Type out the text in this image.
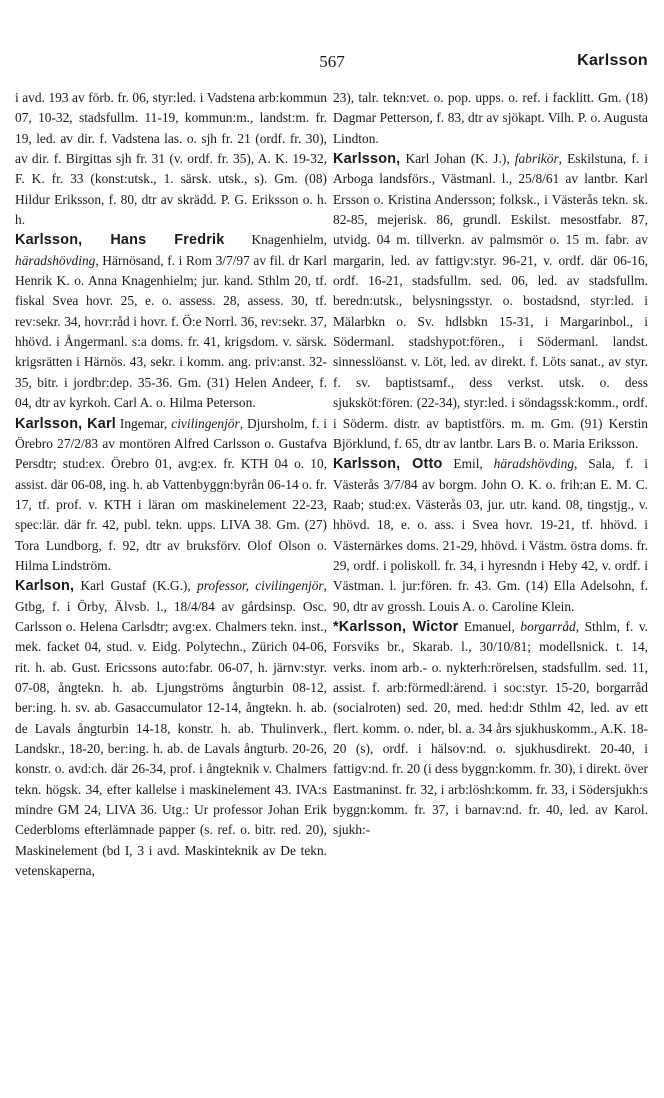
567	Karlsson

i avd. 193 av förb. fr. 06, styr:led. i Vadstena arb:kommun 07, 10-32, stadsfullm. 11-19, kommun:m., landst:m. fr. 19, led. av dir. f. Vadstena las. o. sjh fr. 21 (ordf. fr. 30), av dir. f. Birgittas sjh fr. 31 (v. ordf. fr. 35), A. K. 19-32, F. K. fr. 33 (konst:utsk., 1. särsk. utsk., s). Gm. (08) Hildur Eriksson, f. 80, dtr av skrädd. P. G. Eriksson o. h. h.

Karlsson, Hans Fredrik Knagenhielm, häradshövding, Härnösand, f. i Rom 3/7/97 av fil. dr Karl Henrik K. o. Anna Knagenhielm; jur. kand. Sthlm 20, tf. fiskal Svea hovr. 25, e. o. assess. 28, assess. 30, tf. rev:sekr. 34, hovr:råd i hovr. f. Ö:e Norrl. 36, rev:sekr. 37, hhövd. i Ångermanl. s:a doms. fr. 41, krigsdom. v. särsk. krigsrätten i Härnös. 43, sekr. i komm. ang. priv:anst. 32-35, bitr. i jordbr:dep. 35-36. Gm. (31) Helen Andeer, f. 04, dtr av kyrkoh. Carl A. o. Hilma Peterson.

Karlsson, Karl Ingemar, civilingenjör, Djursholm, f. i Örebro 27/2/83 av montören Alfred Carlsson o. Gustafva Persdtr; stud:ex. Örebro 01, avg:ex. fr. KTH 04 o. 10, assist. där 06-08, ing. h. ab Vattenbyggn:byrån 06-14 o. fr. 17, tf. prof. v. KTH i läran om maskinelement 22-23, spec:lär. där fr. 42, publ. tekn. upps. LIVA 38. Gm. (27) Tora Lundborg, f. 92, dtr av bruksförv. Olof Olson o. Hilma Lindström.

Karlson, Karl Gustaf (K.G.), professor, civilingenjör, Gtbg, f. i Örby, Älvsb. l., 18/4/84 av gårdsinsp. Osc. Carlsson o. Helena Carlsdtr; avg:ex. Chalmers tekn. inst., mek. facket 04, stud. v. Eidg. Polytechn., Zürich 04-06, rit. h. ab. Gust. Ericssons auto:fabr. 06-07, h. järnv:styr. 07-08, ångtekn. h. ab. Ljungströms ångturbin 08-12, ber:ing. h. sv. ab. Gasaccumulator 12-14, ångtekn. h. ab. de Lavals ångturbin 14-18, konstr. h. ab. Thulinverk., Landskr., 18-20, ber:ing. h. ab. de Lavals ångturb. 20-26, konstr. o. avd:ch. där 26-34, prof. i ångteknik v. Chalmers tekn. högsk. 34, efter kallelse i maskinelement 43. IVA:s mindre GM 24, LIVA 36. Utg.: Ur professor Johan Erik Cederbloms efterlämnade papper (s. ref. o. bitr. red. 20), Maskinelement (bd I, 3 i avd. Maskinteknik av De tekn. vetenskaperna,

23), talr. tekn:vet. o. pop. upps. o. ref. i facklitt. Gm. (18) Dagmar Petterson, f. 83, dtr av sjökapt. Vilh. P. o. Augusta Lindton.

Karlsson, Karl Johan (K. J.), fabrikör, Eskilstuna, f. i Arboga landsförs., Västmanl. l., 25/8/61 av lantbr. Karl Ersson o. Kristina Andersson; folksk., i Västerås tekn. sk. 82-85, mejerisk. 86, grundl. Eskilst. mesostfabr. 87, utvidg. 04 m. tillverkn. av palmsmör o. 15 m. fabr. av margarin, led. av fattigv:styr. 96-21, v. ordf. där 06-16, ordf. 16-21, stadsfullm. sed. 06, led. av stadsfullm. beredn:utsk., belysningsstyr. o. bostadsnd, styr:led. i Mälarbkn o. Sv. hdlsbkn 15-31, i Margarinbol., i Södermanl. stadshypot:fören., i Södermanl. landst. sinnesslöanst. v. Löt, led. av direkt. f. Löts sanat., av styr. f. sv. baptistsamf., dess verkst. utsk. o. dess sjuksköt:fören. (22-34), styr:led. i söndagssk:komm., ordf. i Söderm. distr. av baptistförs. m. m. Gm. (91) Kerstin Björklund, f. 65, dtr av lantbr. Lars B. o. Maria Eriksson.

Karlsson, Otto Emil, häradshövding, Sala, f. i Västerås 3/7/84 av borgm. John O. K. o. frih:an E. M. C. Raab; stud:ex. Västerås 03, jur. utr. kand. 08, tingstjg., v. hhövd. 18, e. o. ass. i Svea hovr. 19-21, tf. hhövd. i Västernärkes doms. 21-29, hhövd. i Västm. östra doms. fr. 29, ordf. i poliskoll. fr. 34, i hyresndn i Heby 42, v. ordf. i Västman. l. jur:fören. fr. 43. Gm. (14) Ella Adelsohn, f. 90, dtr av grossh. Louis A. o. Caroline Klein.

*Karlsson, Wictor Emanuel, borgarråd, Sthlm, f. v. Forsviks br., Skarab. l., 30/10/81; modellsnick. t. 14, verks. inom arb.- o. nykterh:rörelsen, stadsfullm. sed. 11, assist. f. arb:förmedl:ärend. i soc:styr. 15-20, borgarråd (socialroten) sed. 20, med. hed:dr Sthlm 42, led. av ett flert. komm. o. nder, bl. a. 34 års sjukhuskomm., A.K. 18-20 (s), ordf. i hälsov:nd. o. sjukhusdirekt. 20-40, i fattigv:nd. fr. 20 (i dess byggn:komm. fr. 30), i direkt. över Eastmaninst. fr. 32, i arb:lösh:komm. fr. 33, i Södersjukh:s byggn:komm. fr. 37, i barnav:nd. fr. 40, led. av Karol. sjukh:-
